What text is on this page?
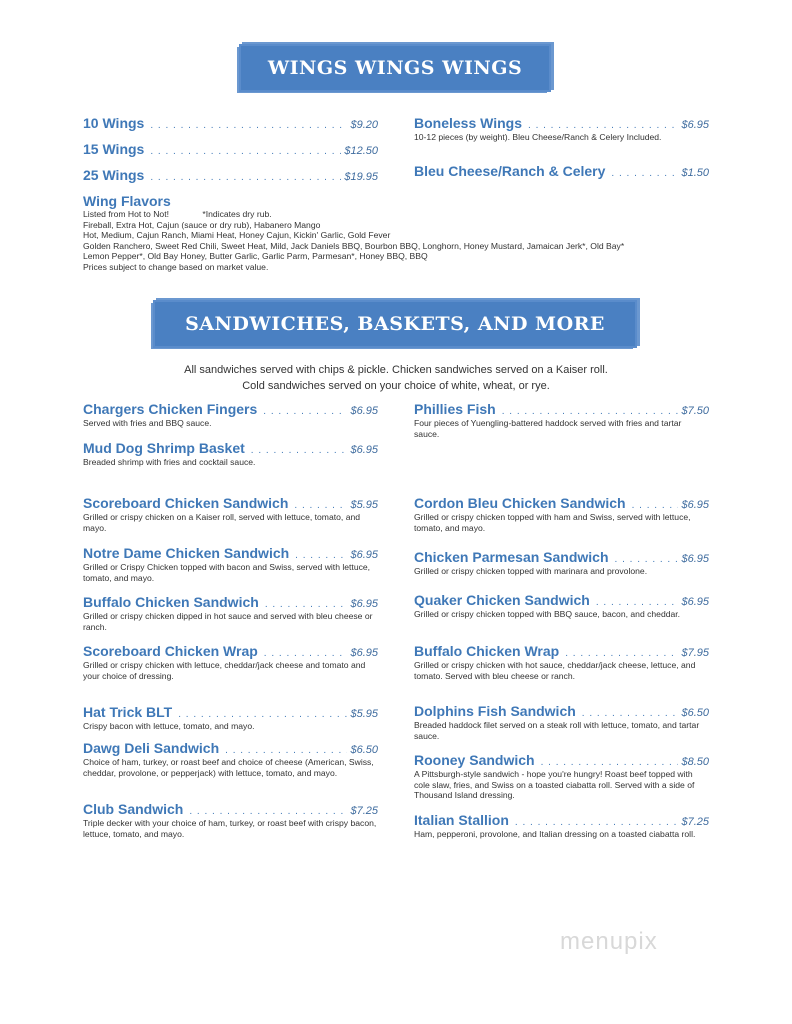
WINGS WINGS WINGS
10 Wings . . .	$9.20
15 Wings . . .	$12.50
25 Wings . . .	$19.95
Boneless Wings . . .	$6.95
10-12 pieces (by weight). Bleu Cheese/Ranch & Celery Included.
Bleu Cheese/Ranch & Celery . . .	$1.50
Wing Flavors
Listed from Hot to Not!              *Indicates dry rub.
Fireball, Extra Hot, Cajun (sauce or dry rub), Habanero Mango
Hot, Medium, Cajun Ranch, Miami Heat, Honey Cajun, Kickin' Garlic, Gold Fever
Golden Ranchero, Sweet Red Chili, Sweet Heat, Mild, Jack Daniels BBQ, Bourbon BBQ, Longhorn, Honey Mustard, Jamaican Jerk*, Old Bay*
Lemon Pepper*, Old Bay Honey, Butter Garlic, Garlic Parm, Parmesan*, Honey BBQ, BBQ
Prices subject to change based on market value.
SANDWICHES, BASKETS, AND MORE
All sandwiches served with chips & pickle. Chicken sandwiches served on a Kaiser roll.
Cold sandwiches served on your choice of white, wheat, or rye.
Chargers Chicken Fingers . . .	$6.95
Served with fries and BBQ sauce.
Mud Dog Shrimp Basket . . .	$6.95
Breaded shrimp with fries and cocktail sauce.
Scoreboard Chicken Sandwich . . .	$5.95
Grilled or crispy chicken on a Kaiser roll, served with lettuce, tomato, and mayo.
Notre Dame Chicken Sandwich . . .	$6.95
Grilled or Crispy Chicken topped with bacon and Swiss, served with lettuce, tomato, and mayo.
Buffalo Chicken Sandwich . . .	$6.95
Grilled or crispy chicken dipped in hot sauce and served with bleu cheese or ranch.
Scoreboard Chicken Wrap . . .	$6.95
Grilled or crispy chicken with lettuce, cheddar/jack cheese and tomato and your choice of dressing.
Hat Trick BLT . . .	$5.95
Crispy bacon with lettuce, tomato, and mayo.
Dawg Deli Sandwich . . .	$6.50
Choice of ham, turkey, or roast beef and choice of cheese (American, Swiss, cheddar, provolone, or pepperjack) with lettuce, tomato, and mayo.
Club Sandwich . . .	$7.25
Triple decker with your choice of ham, turkey, or roast beef with crispy bacon, lettuce, tomato, and mayo.
Phillies Fish . . .	$7.50
Four pieces of Yuengling-battered haddock served with fries and tartar sauce.
Cordon Bleu Chicken Sandwich . . .	$6.95
Grilled or crispy chicken topped with ham and Swiss, served with lettuce, tomato, and mayo.
Chicken Parmesan Sandwich . . .	$6.95
Grilled or crispy chicken topped with marinara and provolone.
Quaker Chicken Sandwich . . .	$6.95
Grilled or crispy chicken topped with BBQ sauce, bacon, and cheddar.
Buffalo Chicken Wrap . . .	$7.95
Grilled or crispy chicken with hot sauce, cheddar/jack cheese, lettuce, and tomato. Served with bleu cheese or ranch.
Dolphins Fish Sandwich . . .	$6.50
Breaded haddock filet served on a steak roll with lettuce, tomato, and tartar sauce.
Rooney Sandwich . . .	$8.50
A Pittsburgh-style sandwich - hope you're hungry! Roast beef topped with cole slaw, fries, and Swiss on a toasted ciabatta roll. Served with a side of Thousand Island dressing.
Italian Stallion . . .	$7.25
Ham, pepperoni, provolone, and Italian dressing on a toasted ciabatta roll.
menupix
